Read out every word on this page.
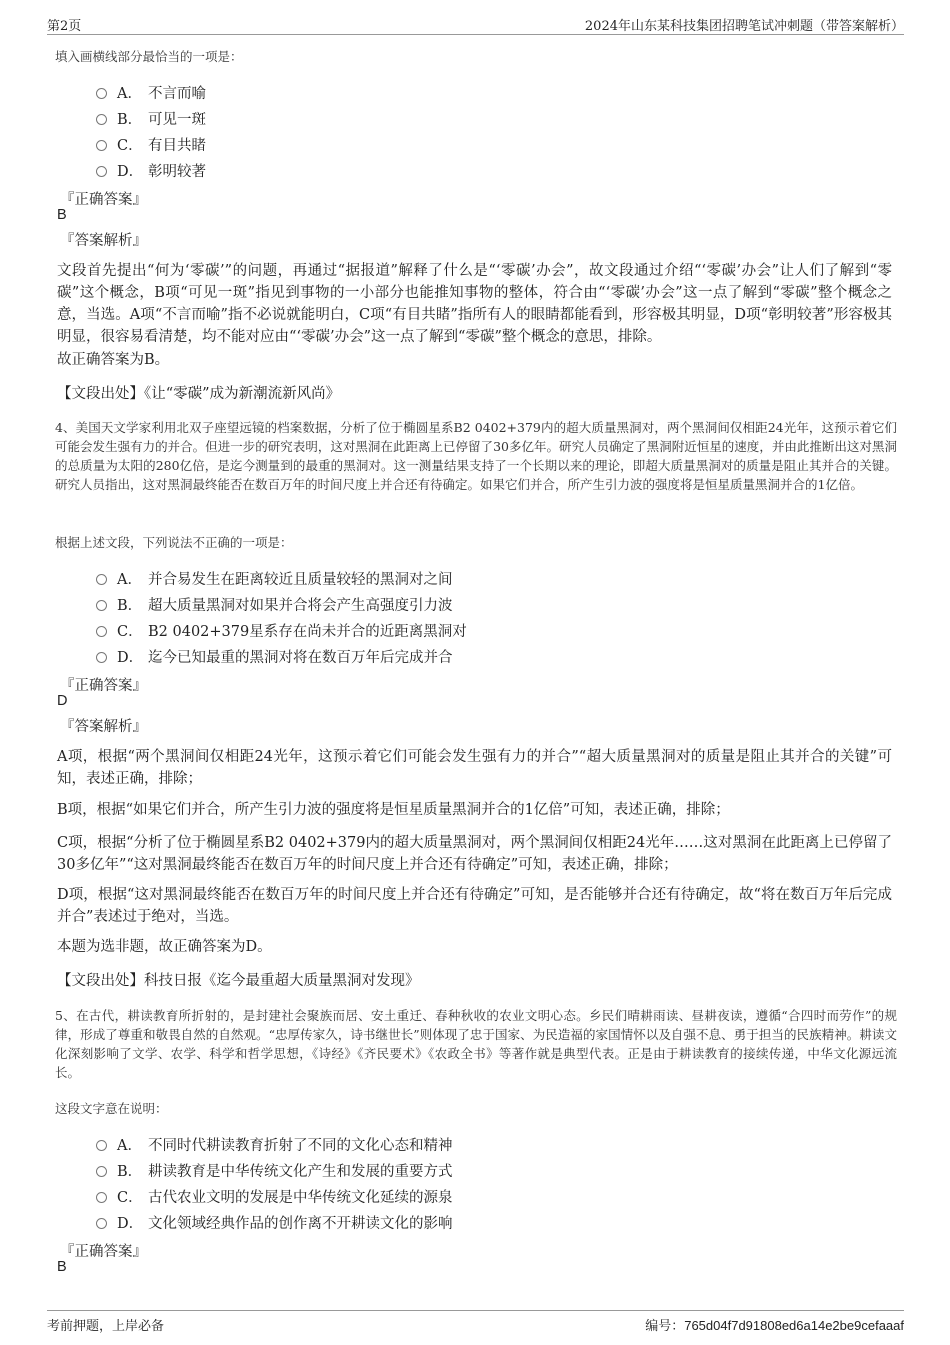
第2页	2024年山东某科技集团招聘笔试冲刺题（带答案解析）
填入画横线部分最恰当的一项是：
A． 不言而喻
B． 可见一斑
C． 有目共睹
D． 彰明较著
『正确答案』
B
『答案解析』
文段首先提出“何为‘零碳’”的问题，再通过“据报道”解释了什么是“‘零碳’办会”，故文段通过介绍“‘零碳’办会”让人们了解到“零碳”这个概念，B项“可见一斑”指见到事物的一小部分也能推知事物的整体，符合由“‘零碳’办会”这一点了解到“零碳”整个概念之意，当选。A项“不言而喻”指不必说就能明白，C项“有目共睹”指所有人的眼睛都能看到，形容极其明显，D项“彰明较著”形容极其明显，很容易看清楚，均不能对应由“‘零碳’办会”这一点了解到“零碳”整个概念的意思，排除。
故正确答案为B。
【文段出处】《让“零碳”成为新潮流新风尚》
4、美国天文学家利用北双子座望远镜的档案数据，分析了位于椭圆星系B2 0402+379内的超大质量黑洞对，两个黑洞间仅相距24光年，这预示着它们可能会发生强有力的并合。但进一步的研究表明，这对黑洞在此距离上已停留了30多亿年。研究人员确定了黑洞附近恒星的速度，并由此推断出这对黑洞的总质量为太阳的280亿倍，是迄今测量到的最重的黑洞对。这一测量结果支持了一个长期以来的理论，即超大质量黑洞对的质量是阻止其并合的关键。研究人员指出，这对黑洞最终能否在数百万年的时间尺度上并合还有待确定。如果它们并合，所产生引力波的强度将是恒星质量黑洞并合的1亿倍。
根据上述文段，下列说法不正确的一项是：
A． 并合易发生在距离较近且质量较轻的黑洞对之间
B． 超大质量黑洞对如果并合将会产生高强度引力波
C． B2 0402+379星系存在尚未并合的近距离黑洞对
D． 迄今已知最重的黑洞对将在数百万年后完成并合
『正确答案』
D
『答案解析』
A项，根据“两个黑洞间仅相距24光年，这预示着它们可能会发生强有力的并合”“超大质量黑洞对的质量是阻止其并合的关键”可知，表述正确，排除；
B项，根据“如果它们并合，所产生引力波的强度将是恒星质量黑洞并合的1亿倍”可知，表述正确，排除；
C项，根据“分析了位于椭圆星系B2 0402+379内的超大质量黑洞对，两个黑洞间仅相距24光年……这对黑洞在此距离上已停留了30多亿年”“这对黑洞最终能否在数百万年的时间尺度上并合还有待确定”可知，表述正确，排除；
D项，根据“这对黑洞最终能否在数百万年的时间尺度上并合还有待确定”可知，是否能够并合还有待确定，故“将在数百万年后完成并合”表述过于绝对，当选。
本题为选非题，故正确答案为D。
【文段出处】科技日报《迄今最重超大质量黑洞对发现》
5、在古代，耕读教育所折射的，是封建社会聚族而居、安土重迁、春种秋收的农业文明心态。乡民们晴耕雨读、昼耕夜读，遵循“合四时而劳作”的规律，形成了尊重和敬畏自然的自然观。“忠厚传家久，诗书继世长”则体现了忠于国家、为民造福的家国情怀以及自强不息、勇于担当的民族精神。耕读文化深刻影响了文学、农学、科学和哲学思想，《诗经》《齐民要术》《农政全书》等著作就是典型代表。正是由于耕读教育的接续传递，中华文化源远流长。
这段文字意在说明：
A． 不同时代耕读教育折射了不同的文化心态和精神
B． 耕读教育是中华传统文化产生和发展的重要方式
C． 古代农业文明的发展是中华传统文化延续的源泉
D． 文化领域经典作品的创作离不开耕读文化的影响
『正确答案』
B
考前押题，上岸必备	编号：765d04f7d91808ed6a14e2be9cefaaaf
